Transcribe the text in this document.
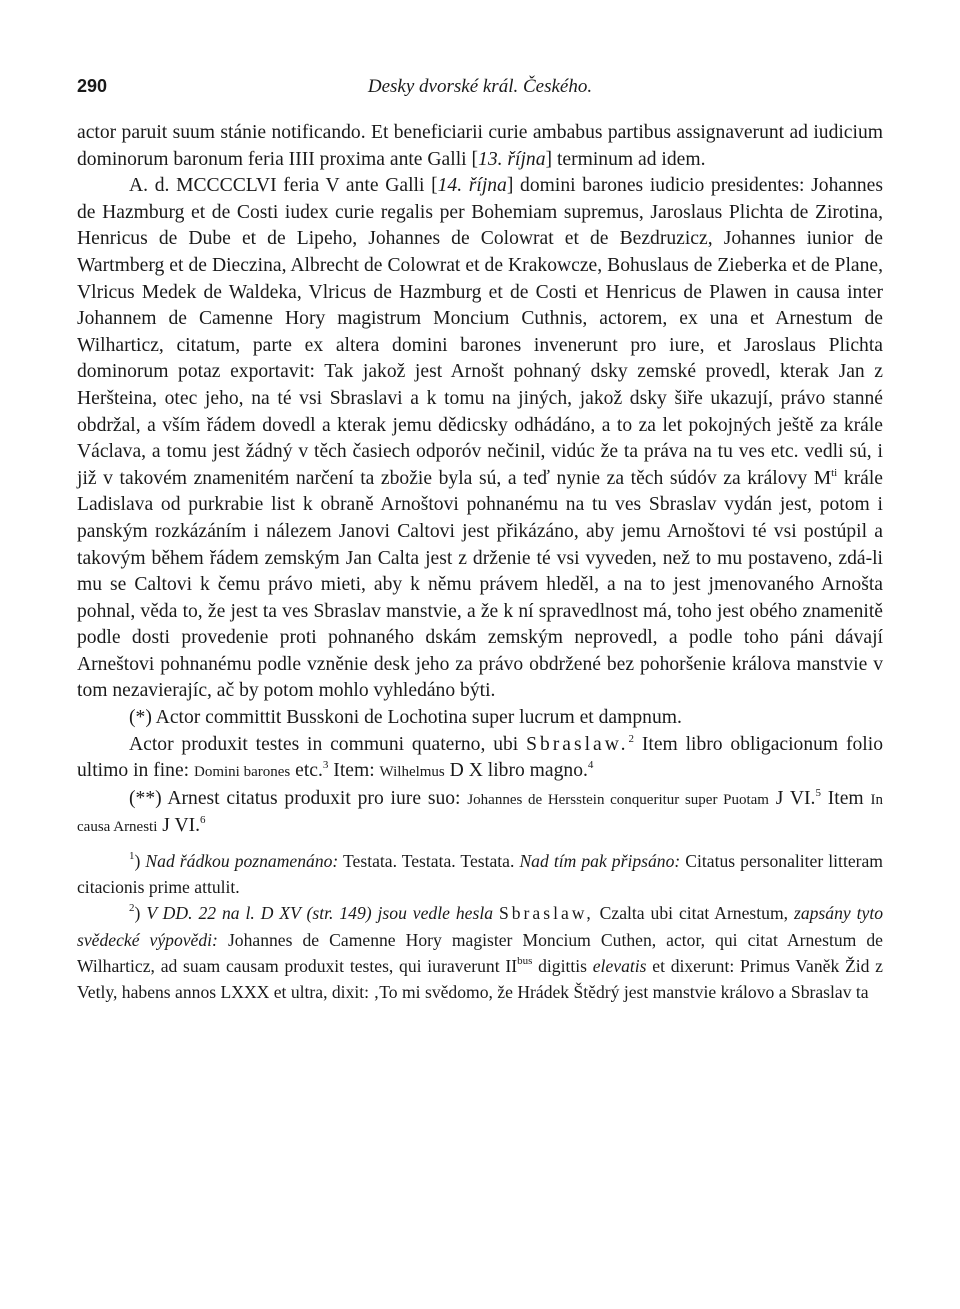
290	Desky dvorské král. Českého.

actor paruit suum stánie notificando. Et beneficiarii curie ambabus partibus assignaverunt ad iudicium dominorum baronum feria IIII proxima ante Galli [13. října] terminum ad idem.

A. d. MCCCCLVI feria V ante Galli [14. října] domini barones iudicio presidentes: Johannes de Hazmburg et de Costi iudex curie regalis per Bohemiam supremus, Jaroslaus Plichta de Zirotina, Henricus de Dube et de Lipeho, Johannes de Colowrat et de Bezdruzicz, Johannes iunior de Wartmberg et de Dieczina, Albrecht de Colowrat et de Krakowcze, Bohuslaus de Zieberka et de Plane, Vlricus Medek de Waldeka, Vlricus de Hazmburg et de Costi et Henricus de Plawen in causa inter Johannem de Camenne Hory magistrum Moncium Cuthnis, actorem, ex una et Arnestum de Wilharticz, citatum, parte ex altera domini barones invenerunt pro iure, et Jaroslaus Plichta dominorum potaz exportavit: Tak jakož jest Arnošt pohnaný dsky zemské provedl, kterak Jan z Heršteina, otec jeho, na té vsi Sbraslavi a k tomu na jiných, jakož dsky šiře ukazují, právo stanné obdržal, a vším řádem dovedl a kterak jemu dědicsky odhádáno, a to za let pokojných ještě za krále Václava, a tomu jest žádný v těch časiech odporóv nečinil, vidúc že ta práva na tu ves etc. vedli sú, i již v takovém znamenitém narčení ta zbožie byla sú, a teď nynie za těch súdóv za královy $M^{ti}$ krále Ladislava od purkrabie list k obraně Arnoštovi pohnanému na tu ves Sbraslav vydán jest, potom i panským rozkázáním i nálezem Janovi Caltovi jest přikázáno, aby jemu Arnoštovi té vsi postúpil a takovým během řádem zemským Jan Calta jest z drženie té vsi vyveden, než to mu postaveno, zdá-li mu se Caltovi k čemu právo mieti, aby k němu právem hleděl, a na to jest jmenovaného Arnošta pohnal, věda to, že jest ta ves Sbraslav manstvie, a že k ní spravedlnost má, toho jest obého znamenitě podle dosti provedenie proti pohnaného dskám zemským neprovedl, a podle toho páni dávají Arneštovi pohnanému podle vzněnie desk jeho za právo obdržené bez pohoršenie králova manstvie v tom nezavierajíc, ač by potom mohlo vyhledáno býti.

(*) Actor committit Busskoni de Lochotina super lucrum et dampnum.

Actor produxit testes in communi quaterno, ubi Sbraslaw.$^2$ Item libro obligacionum folio ultimo in fine: Domini barones etc.$^3$ Item: Wilhelmus D X libro magno.$^4$

(**) Arnest citatus produxit pro iure suo: Johannes de Hersstein conqueritur super Puotam J VI.$^5$ Item In causa Arnesti J VI.$^6$

$^1$) Nad řádkou poznamenáno: Testata. Testata. Testata. Nad tím pak připsáno: Citatus personaliter litteram citacionis prime attulit.

$^2$) V DD. 22 na l. D XV (str. 149) jsou vedle hesla Sbraslaw, Czalta ubi citat Arnestum, zapsány tyto svědecké výpovědi: Johannes de Camenne Hory magister Moncium Cuthen, actor, qui citat Arnestum de Wilharticz, ad suam causam produxit testes, qui iuraverunt $II^{bus}$ digittis elevatis et dixerunt: Primus Vaněk Žid z Vetly, habens annos LXXX et ultra, dixit: ‚To mi svědomo, že Hrádek Štědrý jest manstvie královo a Sbraslav ta
